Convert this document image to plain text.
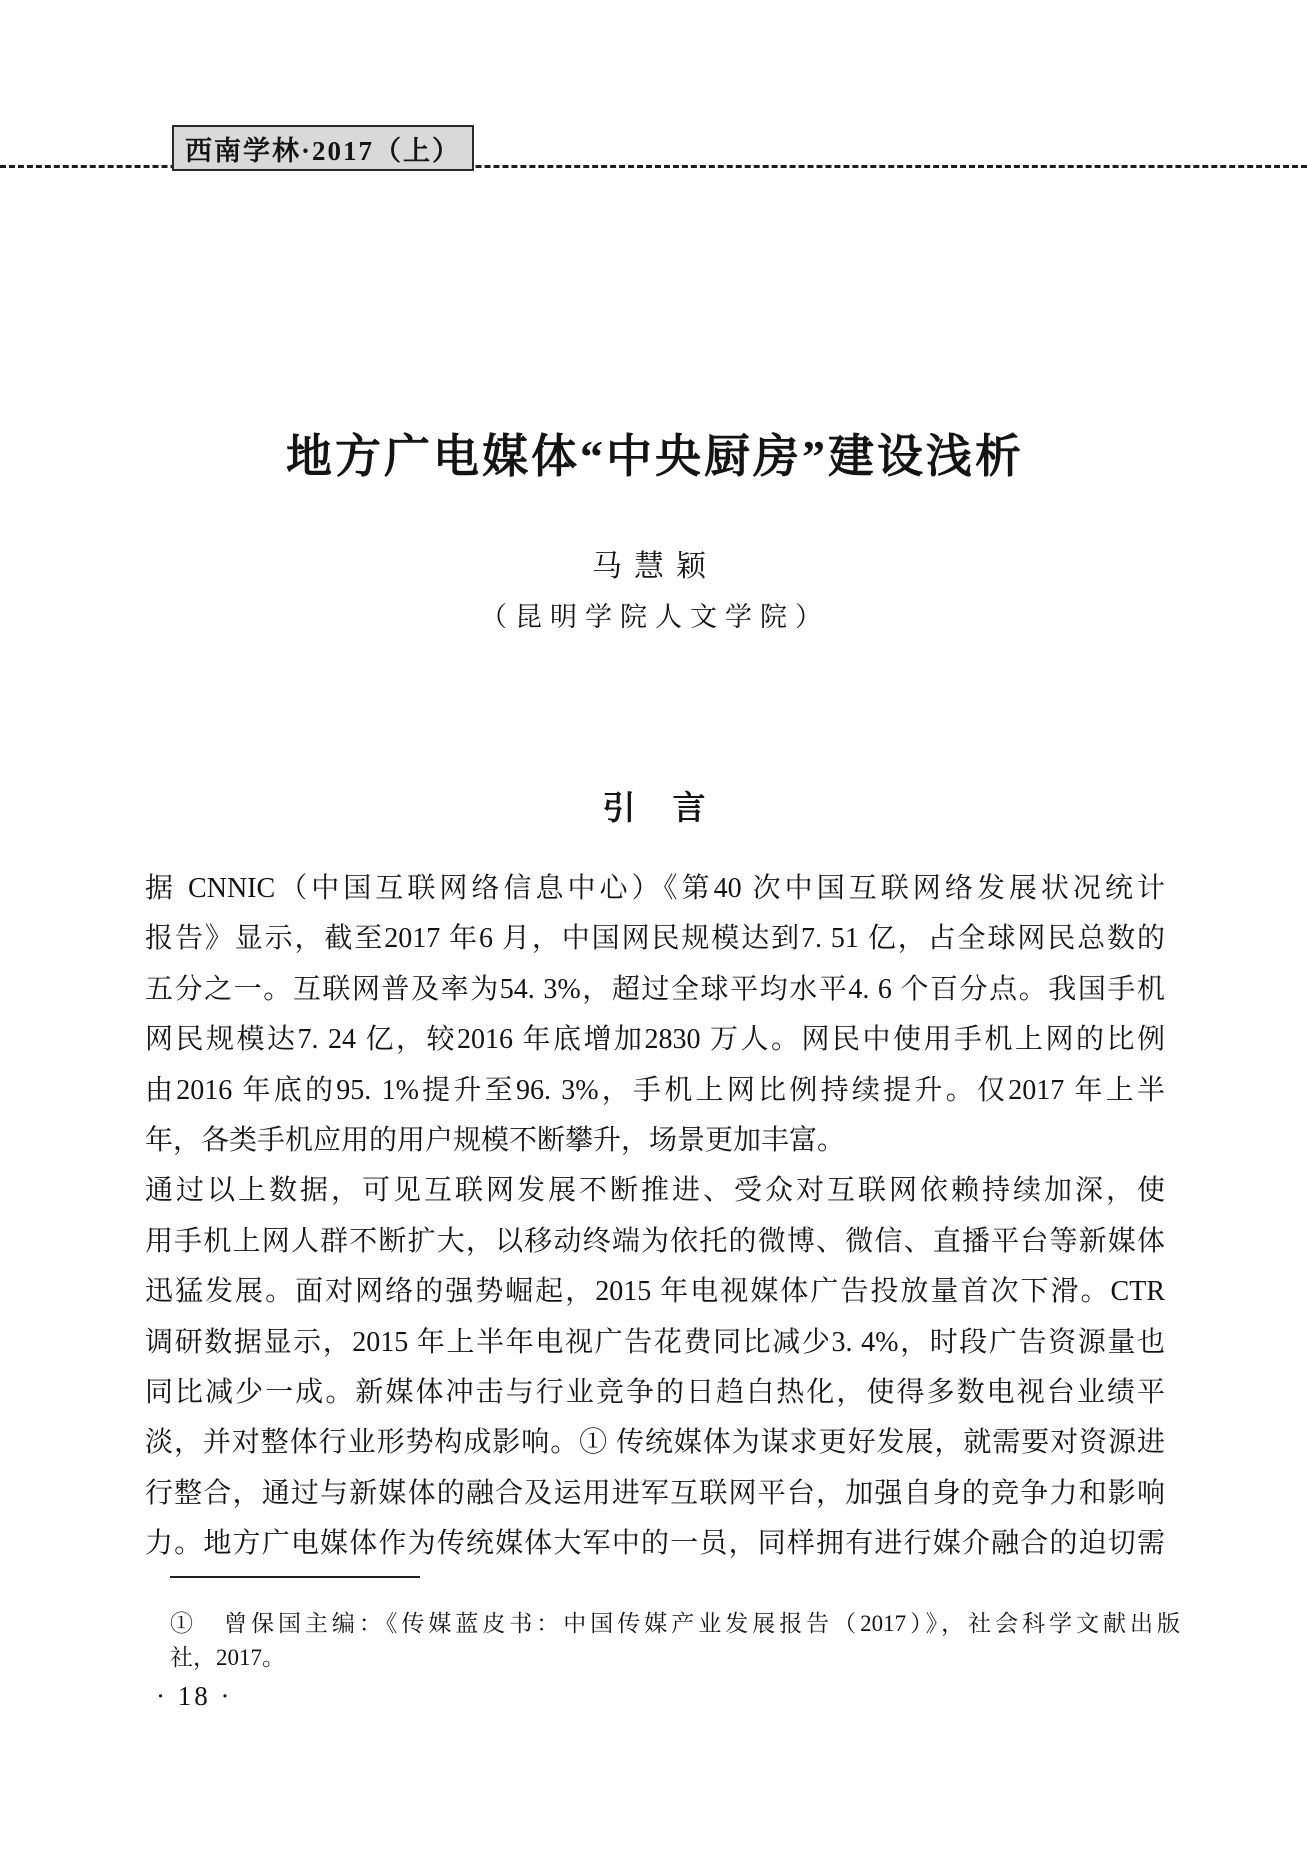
西南学林·2017（上）
地方广电媒体“中央厨房”建设浅析
马慧颖
（昆明学院人文学院）
引　言
据 CNNIC（中国互联网络信息中心）《第40 次中国互联网络发展状况统计
报告》显示，截至2017 年6 月，中国网民规模达到7. 51 亿，占全球网民总数的
五分之一。互联网普及率为54. 3%，超过全球平均水平4. 6 个百分点。我国手机
网民规模达7. 24 亿，较2016 年底增加2830 万人。网民中使用手机上网的比例
由2016 年底的95. 1%提升至96. 3%，手机上网比例持续提升。仅2017 年上半
年，各类手机应用的用户规模不断攀升，场景更加丰富。
通过以上数据，可见互联网发展不断推进、受众对互联网依赖持续加深，使
用手机上网人群不断扩大，以移动终端为依托的微博、微信、直播平台等新媒体
迅猛发展。面对网络的强势崛起，2015 年电视媒体广告投放量首次下滑。CTR
调研数据显示，2015 年上半年电视广告花费同比减少3. 4%，时段广告资源量也
同比减少一成。新媒体冲击与行业竞争的日趋白热化，使得多数电视台业绩平
淡，并对整体行业形势构成影响。① 传统媒体为谋求更好发展，就需要对资源进
行整合，通过与新媒体的融合及运用进军互联网平台，加强自身的竞争力和影响
力。地方广电媒体作为传统媒体大军中的一员，同样拥有进行媒介融合的迫切需
①　曾保国主编：《传媒蓝皮书：中国传媒产业发展报告（2017）》，社会科学文献出版
社，2017。
· 18 ·
